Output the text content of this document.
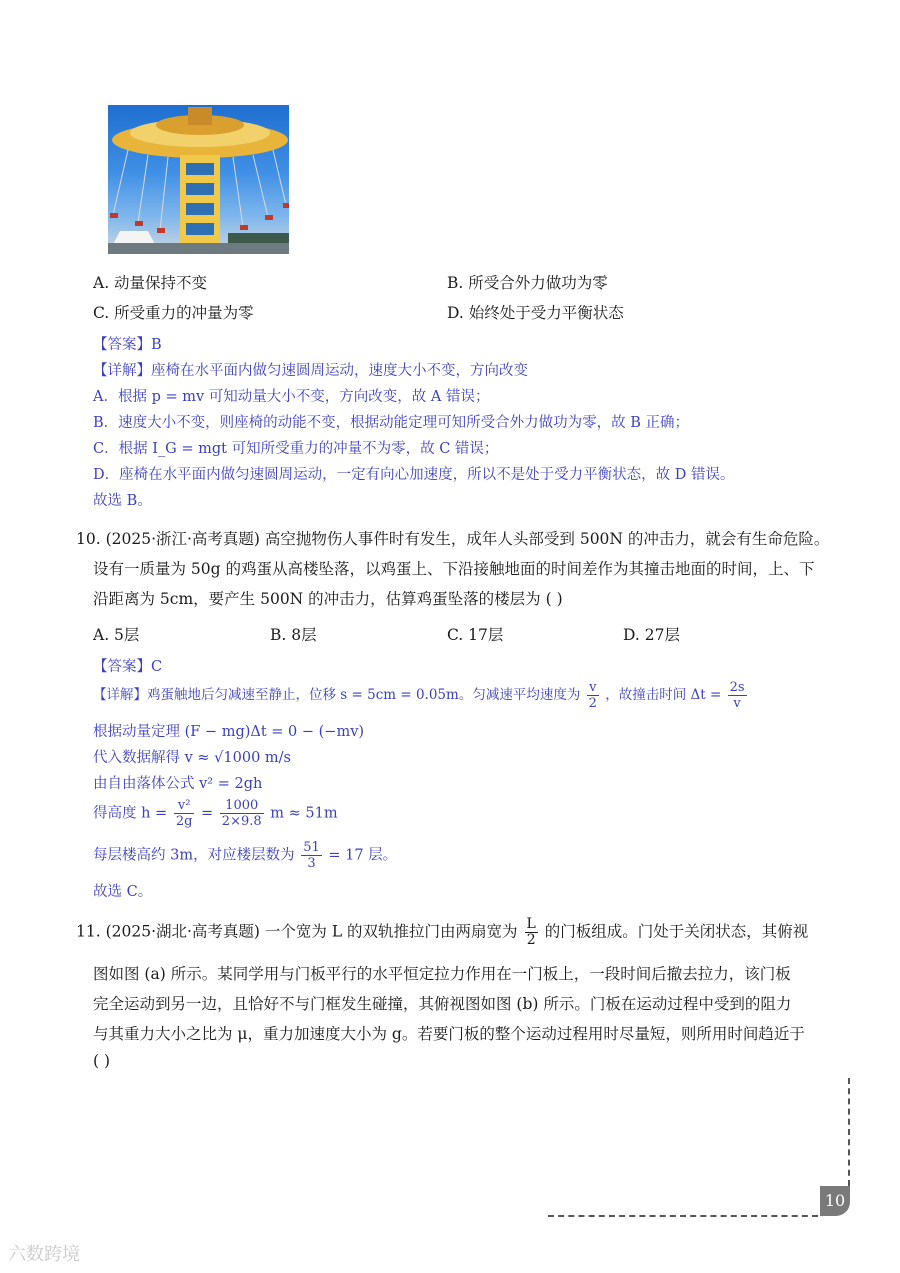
A. 动量保持不变	B. 所受合外力做功为零
C. 所受重力的冲量为零	D. 始终处于受力平衡状态
【答案】B
【详解】座椅在水平面内做匀速圆周运动，速度大小不变，方向改变
A．根据 p = mv 可知动量大小不变，方向改变，故 A 错误；
B．速度大小不变，则座椅的动能不变，根据动能定理可知所受合外力做功为零，故 B 正确；
C．根据 I_G = mgt 可知所受重力的冲量不为零，故 C 错误；
D．座椅在水平面内做匀速圆周运动，一定有向心加速度，所以不是处于受力平衡状态，故 D 错误。
故选 B。
10. (2025·浙江·高考真题) 高空抛物伤人事件时有发生，成年人头部受到 500N 的冲击力，就会有生命危险。
设有一质量为 50g 的鸡蛋从高楼坠落，以鸡蛋上、下沿接触地面的时间差作为其撞击地面的时间，上、下
沿距离为 5cm，要产生 500N 的冲击力，估算鸡蛋坠落的楼层为 ( )
A. 5层	B. 8层	C. 17层	D. 27层
【答案】C
【详解】鸡蛋触地后匀减速至静止，位移 s = 5cm = 0.05m。匀减速平均速度为 $\frac{v}{2}$ ，故撞击时间 $\Delta t = \frac{2s}{v}$
根据动量定理 (F − mg)Δt = 0 − (−mv)
代入数据解得 v ≈ √1000 m/s
由自由落体公式 v² = 2gh
得高度 $h = \frac{\text{v²}}{2g} = \frac{1000}{2\times 9.8}$ m ≈ 51m
每层楼高约 3m，对应楼层数为 $\frac{51}{3} = 17$ 层。
故选 C。
11. (2025·湖北·高考真题) 一个宽为 L 的双轨推拉门由两扇宽为 $\frac{L}{2}$ 的门板组成。门处于关闭状态，其俯视
图如图 (a) 所示。某同学用与门板平行的水平恒定拉力作用在一门板上，一段时间后撤去拉力，该门板
完全运动到另一边，且恰好不与门框发生碰撞，其俯视图如图 (b) 所示。门板在运动过程中受到的阻力
与其重力大小之比为 μ，重力加速度大小为 g。若要门板的整个运动过程用时尽量短，则所用时间趋近于
( )
10
六数跨境
